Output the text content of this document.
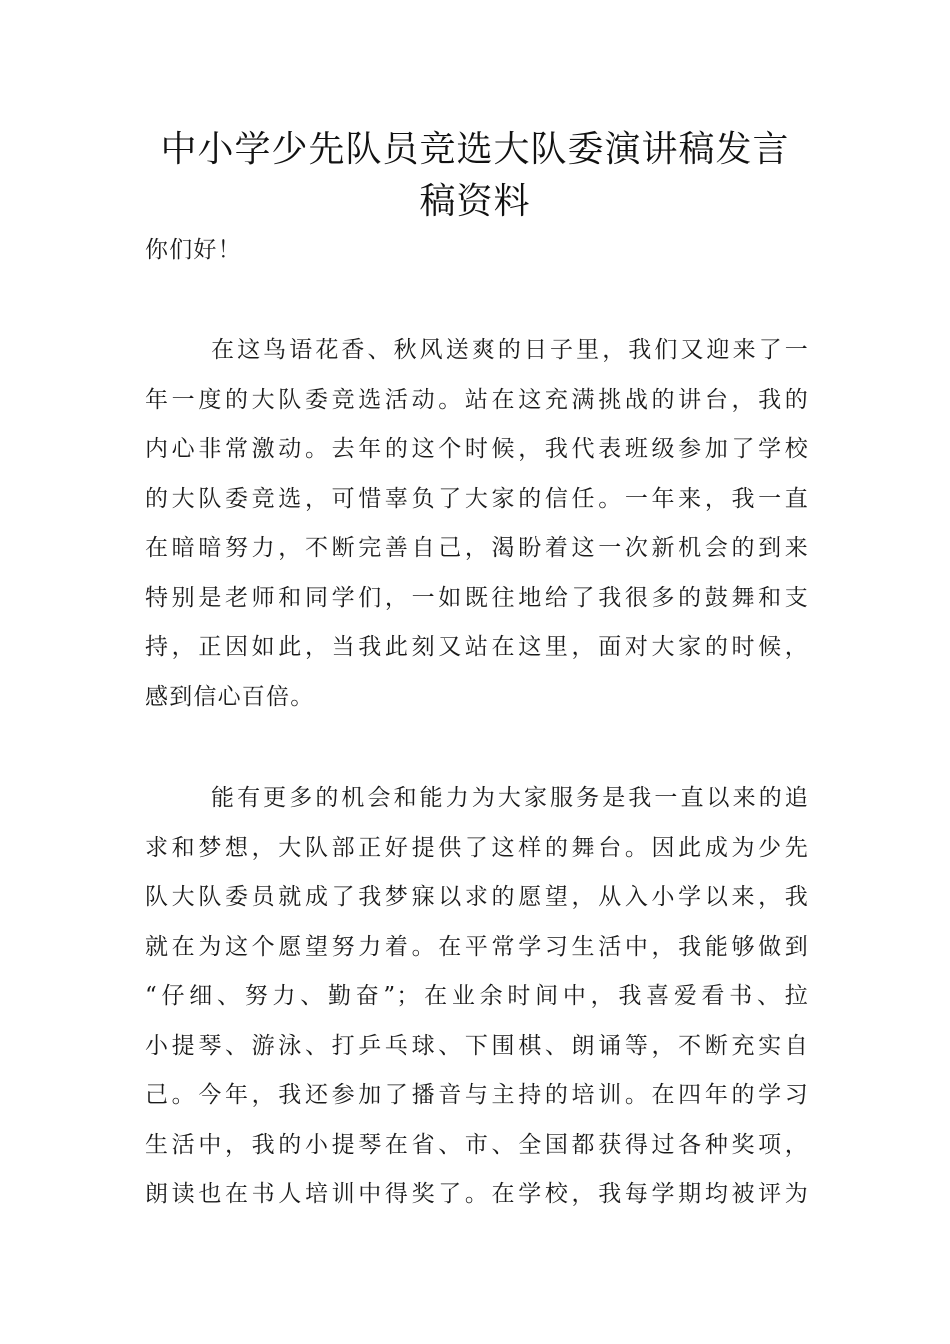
中小学少先队员竞选大队委演讲稿发言
稿资料
你们好！
在这鸟语花香、秋风送爽的日子里，我们又迎来了一
年一度的大队委竞选活动。站在这充满挑战的讲台，我的
内心非常激动。去年的这个时候，我代表班级参加了学校
的大队委竞选，可惜辜负了大家的信任。一年来，我一直
在暗暗努力，不断完善自己，渴盼着这一次新机会的到来
特别是老师和同学们，一如既往地给了我很多的鼓舞和支
持，正因如此，当我此刻又站在这里，面对大家的时候，
感到信心百倍。
能有更多的机会和能力为大家服务是我一直以来的追
求和梦想，大队部正好提供了这样的舞台。因此成为少先
队大队委员就成了我梦寐以求的愿望，从入小学以来，我
就在为这个愿望努力着。在平常学习生活中，我能够做到
“仔细、努力、勤奋”；在业余时间中，我喜爱看书、拉
小提琴、游泳、打乒乓球、下围棋、朗诵等，不断充实自
己。今年，我还参加了播音与主持的培训。在四年的学习
生活中，我的小提琴在省、市、全国都获得过各种奖项，
朗读也在书人培训中得奖了。在学校，我每学期均被评为
